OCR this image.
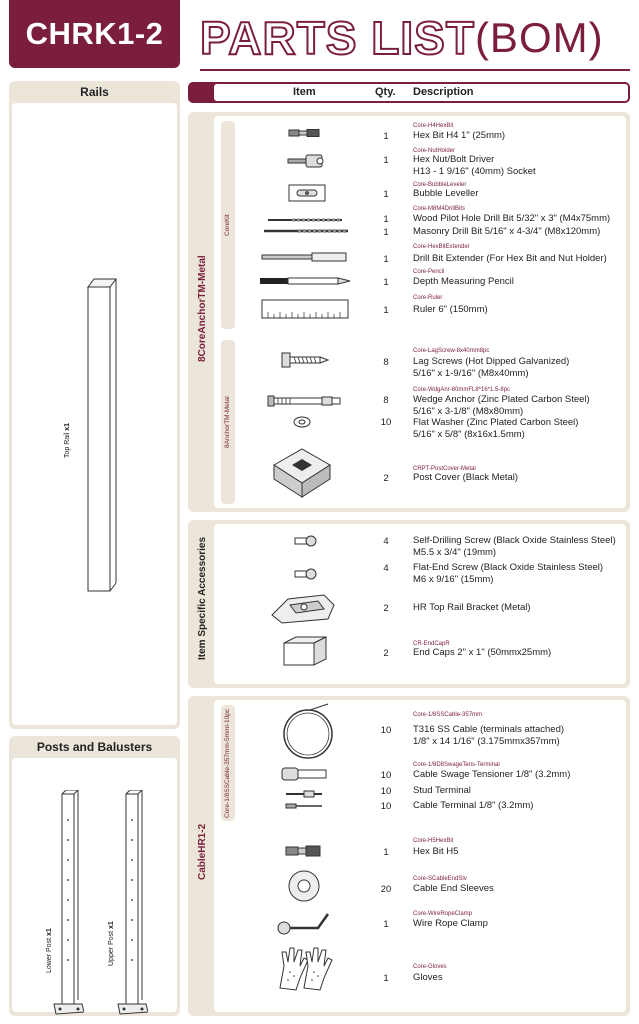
CHRK1-2 PARTS LIST (BOM)
Rails
Top Rail x1
Posts and Balusters
Lower Post x1	Upper Post x1
Item	Qty. Description
8CoreAnchorTM-Metal
CoreKit
8AnchorTM-Metal
Item Specific Accessories
CableHR1-2
Core-1/8SSCable-357mm-5mml-10pc
Core-H4HexBit
1	Hex Bit H4 1" (25mm)
Core-NutHolder
1	Hex Nut/Bolt Driver
H13 - 1 9/16" (40mm) Socket
Core-BubbleLeveler
1	Bubble Leveller
Core-M8M4DrillBits
1	Wood Pilot Hole Drill Bit 5/32" x 3" (M4x75mm)
1	Masonry Drill Bit 5/16" x 4-3/4" (M8x120mm)
Core-HexBitExtender
1	Drill Bit Extender (For Hex Bit and Nut Holder)
Core-Pencil
1	Depth Measuring Pencil
Core-Ruler
1	Ruler 6" (150mm)
Core-LagScrew-8x40mm8pc
8	Lag Screws (Hot Dipped Galvanized)
5/16" x 1-9/16" (M8x40mm)
Core-WdgAnr-80mmFL8*16*1.5-8pc
8	Wedge Anchor (Zinc Plated Carbon Steel)
5/16" x 3-1/8" (M8x80mm)
10	Flat Washer (Zinc Plated Carbon Steel)
5/16" x 5/8" (8x16x1.5mm)
CRPT-PostCover-Metal
2	Post Cover (Black Metal)
4	Self-Drilling Screw (Black Oxide Stainless Steel)
M5.5 x 3/4" (19mm)
4	Flat-End Screw (Black Oxide Stainless Steel)
M6 x 9/16" (15mm)
2	HR Top Rail Bracket (Metal)
CR-EndCapR
2	End Caps 2" x 1" (50mmx25mm)
Core-1/8SSCable-357mm
10	T316 SS Cable (terminals attached)
1/8" x 14 1/16" (3.175mmx357mm)
Core-1/8D8SwageTens-Terminal
10	Cable Swage Tensioner 1/8" (3.2mm)
10	Stud Terminal
10	Cable Terminal 1/8" (3.2mm)
Core-H5HexBit
1	Hex Bit H5
Core-SCableEndSlv
20	Cable End Sleeves
Core-WireRopeClamp
1	Wire Rope Clamp
Core-Gloves
1	Gloves
